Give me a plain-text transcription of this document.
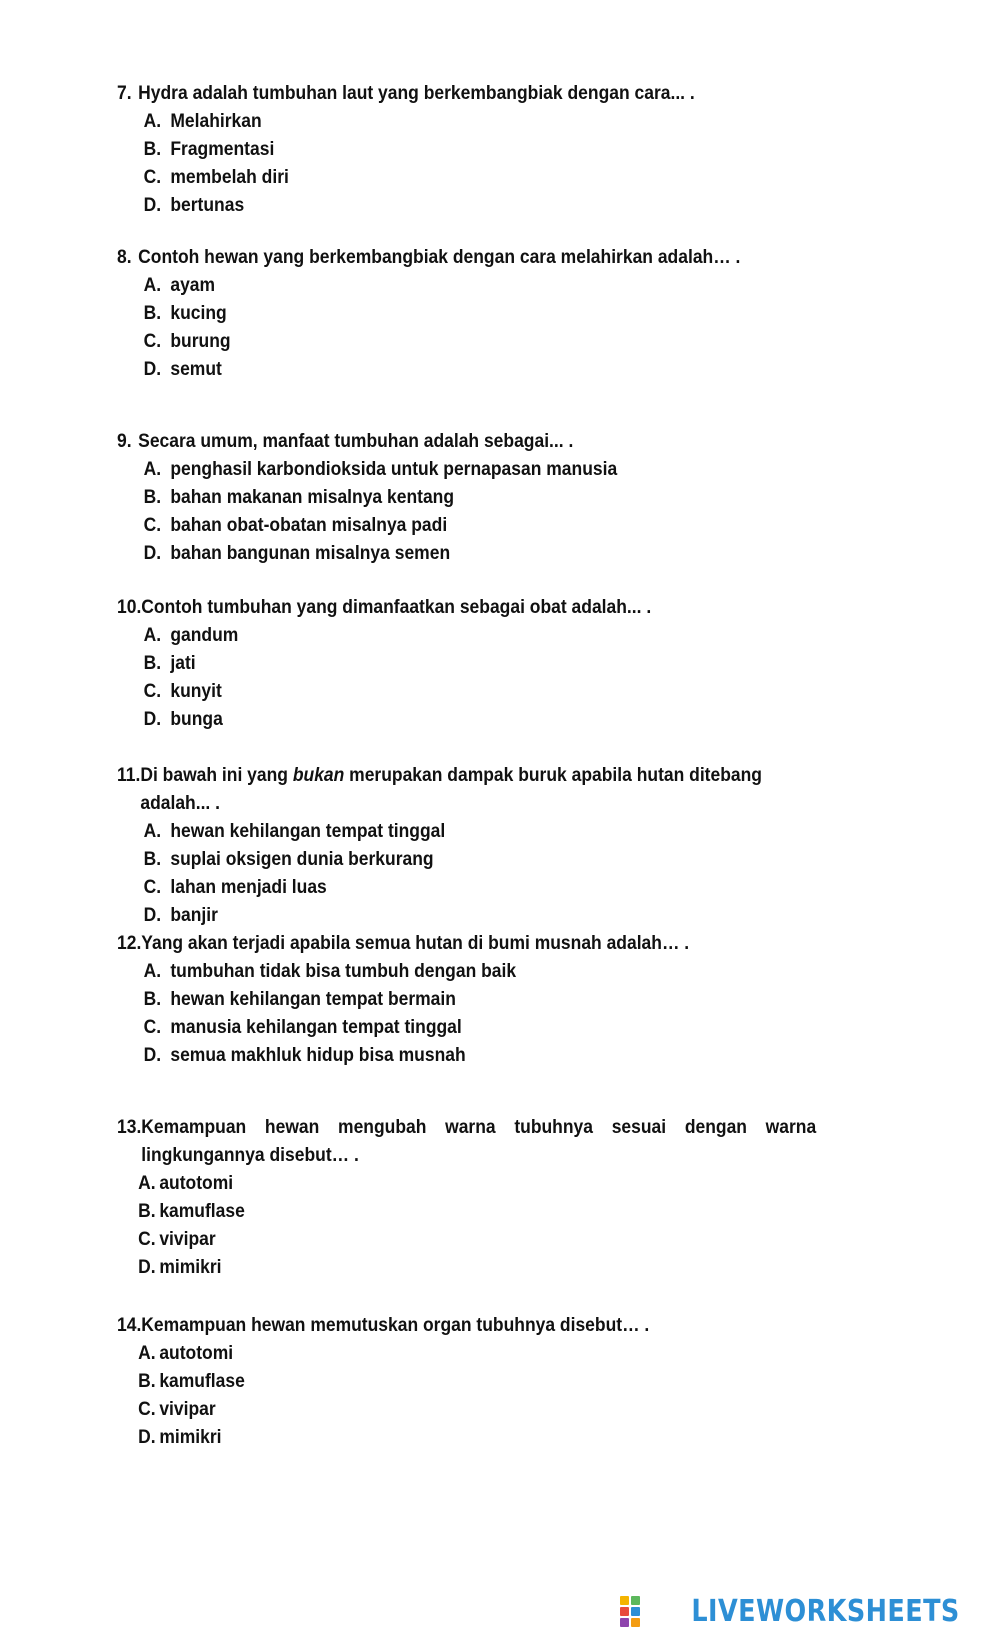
7. Hydra adalah tumbuhan laut yang berkembangbiak dengan cara... .
A. Melahirkan
B. Fragmentasi
C. membelah diri
D. bertunas
8. Contoh hewan yang berkembangbiak dengan cara melahirkan adalah… .
A. ayam
B. kucing
C. burung
D. semut
9. Secara umum, manfaat tumbuhan adalah sebagai... .
A. penghasil karbondioksida untuk pernapasan manusia
B. bahan makanan misalnya kentang
C. bahan obat-obatan misalnya padi
D. bahan bangunan misalnya semen
10. Contoh tumbuhan yang dimanfaatkan sebagai obat adalah... .
A. gandum
B. jati
C. kunyit
D. bunga
11. Di bawah ini yang bukan merupakan dampak buruk apabila hutan ditebang adalah... .
A. hewan kehilangan tempat tinggal
B. suplai oksigen dunia berkurang
C. lahan menjadi luas
D. banjir
12. Yang akan terjadi apabila semua hutan di bumi musnah adalah… .
A. tumbuhan tidak bisa tumbuh dengan baik
B. hewan kehilangan tempat bermain
C. manusia kehilangan tempat tinggal
D. semua makhluk hidup bisa musnah
13. Kemampuan hewan mengubah warna tubuhnya sesuai dengan warna lingkungannya disebut… .
A. autotomi
B. kamuflase
C. vivipar
D. mimikri
14. Kemampuan hewan memutuskan organ tubuhnya disebut… .
A. autotomi
B. kamuflase
C. vivipar
D. mimikri
LIVEWORKSHEETS
